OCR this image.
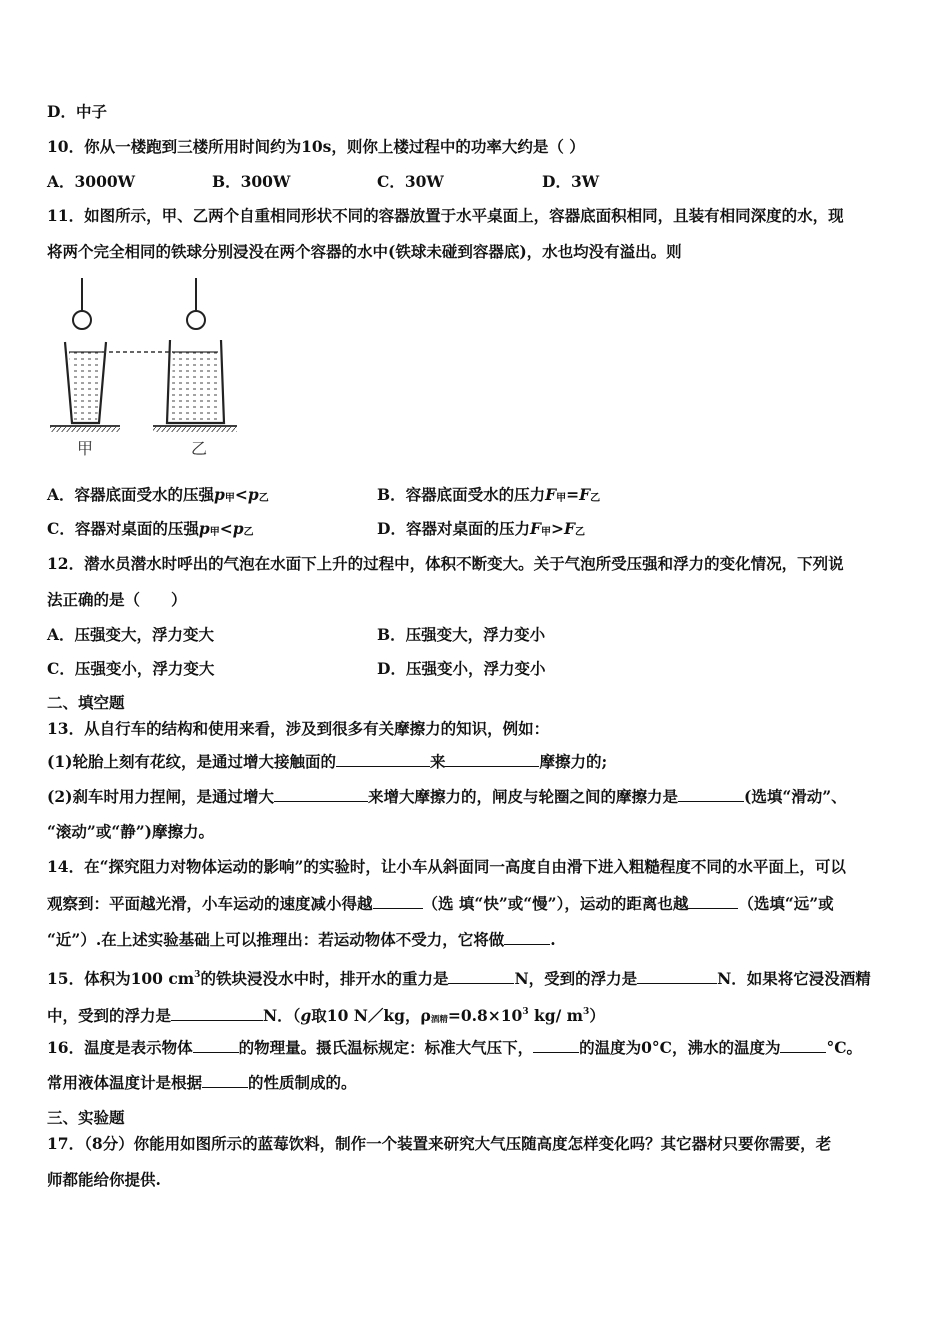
D．中子
10．你从一楼跑到三楼所用时间约为10s，则你上楼过程中的功率大约是（ ）
A．3000W	B．300W	C．30W	D．3W
11．如图所示，甲、乙两个自重相同形状不同的容器放置于水平桌面上，容器底面积相同，且装有相同深度的水，现
将两个完全相同的铁球分别浸没在两个容器的水中(铁球未碰到容器底)，水也均没有溢出。则
甲	乙
A．容器底面受水的压强p甲<p乙	B．容器底面受水的压力F甲=F乙
C．容器对桌面的压强p甲<p乙	D．容器对桌面的压力F甲>F乙
12．潜水员潜水时呼出的气泡在水面下上升的过程中，体积不断变大。关于气泡所受压强和浮力的变化情况，下列说
法正确的是（　　）
A．压强变大，浮力变大	B．压强变大，浮力变小
C．压强变小，浮力变大	D．压强变小，浮力变小
二、填空题
13．从自行车的结构和使用来看，涉及到很多有关摩擦力的知识，例如：
(1)轮胎上刻有花纹，是通过增大接触面的	来	摩擦力的;
(2)刹车时用力捏闸，是通过增大	来增大摩擦力的，闸皮与轮圈之间的摩擦力是	(选填“滑动”、
“滚动”或“静”)摩擦力。
14．在“探究阻力对物体运动的影响”的实验时，让小车从斜面同一高度自由滑下进入粗糙程度不同的水平面上，可以
观察到：平面越光滑，小车运动的速度减小得越	（选 填“快”或“慢”），运动的距离也越	（选填“远”或
“近”）.在上述实验基础上可以推理出：若运动物体不受力，它将做	.
15．体积为100 $cm^3$的铁块浸没水中时，排开水的重力是	N，受到的浮力是	N．如果将它浸没酒精
中，受到的浮力是	N．（g取10 N／kg，ρ酒精$=0.8\times 10^3$ kg/ $m^3$）
16．温度是表示物体	的物理量。摄氏温标规定：标准大气压下，	的温度为0°C，沸水的温度为	°C。
常用液体温度计是根据	的性质制成的。
三、实验题
17．（8分）你能用如图所示的蓝莓饮料，制作一个装置来研究大气压随高度怎样变化吗？其它器材只要你需要，老
师都能给你提供.
